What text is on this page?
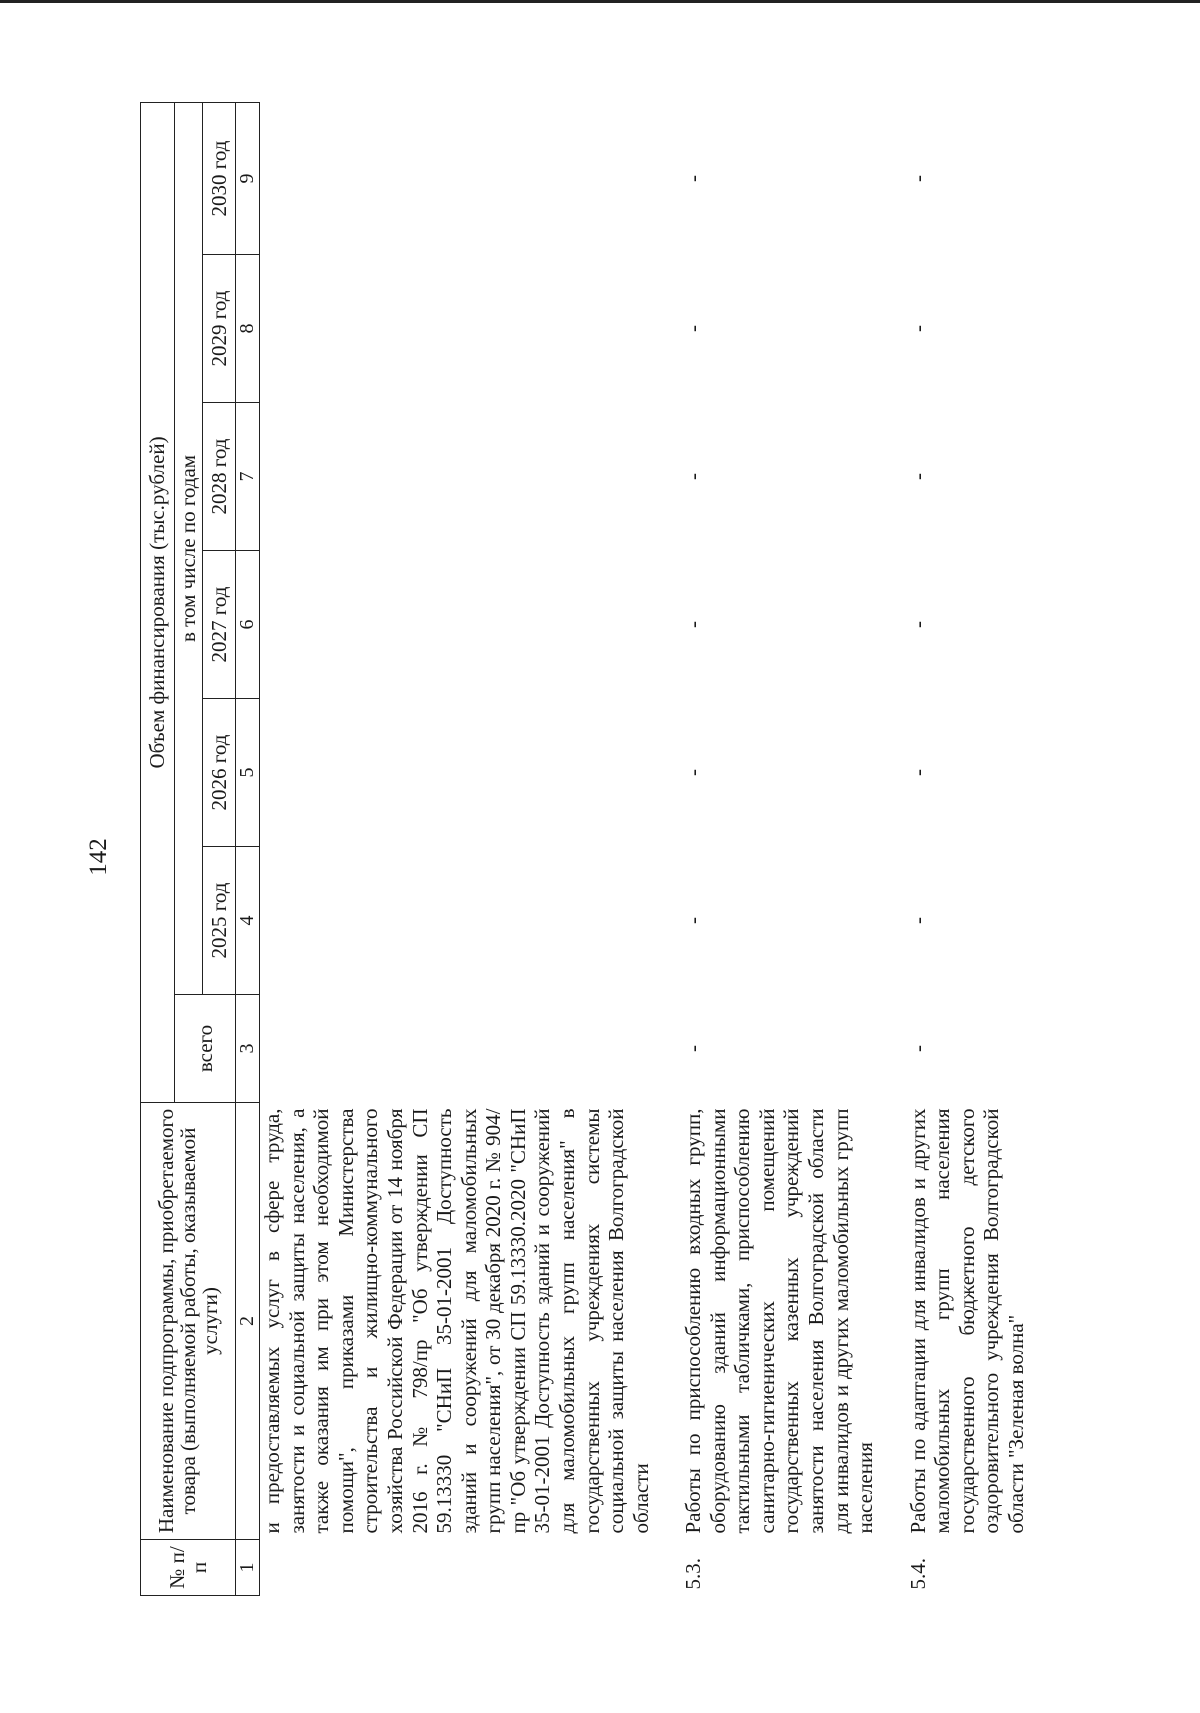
142
№ п/п	Наименование подпрограммы, приобретаемого товара (выполняемой работы, оказываемой услуги)	Объем финансирования (тыс.рублей)						
		всего	в том числе по годам					
			2025 год	2026 год	2027 год	2028 год	2029 год	2030 год
1	2	3	4	5	6	7	8	9
	и предоставляемых услуг в сфере труда, занятости и социальной защиты населения, а также оказания им при этом необходимой помощи", приказами Министерства строительства и жилищно-коммунального хозяйства Российской Федерации от 14 ноября 2016 г. № 798/пр "Об утверждении СП 59.13330 "СНиП 35-01-2001 Доступность зданий и сооружений для маломобильных групп населения", от 30 декабря 2020 г. № 904/пр "Об утверждении СП 59.13330.2020 "СНиП 35-01-2001 Доступность зданий и сооружений для маломобильных групп населения" в государственных учреждениях системы социальной защиты населения Волгоградской области							

5.3.	Работы по приспособлению входных групп, оборудованию зданий информационными тактильными табличками, приспособлению санитарно-гигиенических помещений государственных казенных учреждений занятости населения Волгоградской области для инвалидов и других маломобильных групп населения	-	-	-	-	-	-	-

5.4.	Работы по адаптации для инвалидов и других маломобильных групп населения государственного бюджетного детского оздоровительного учреждения Волгоградской области "Зеленая волна"	-	-	-	-	-	-	-
